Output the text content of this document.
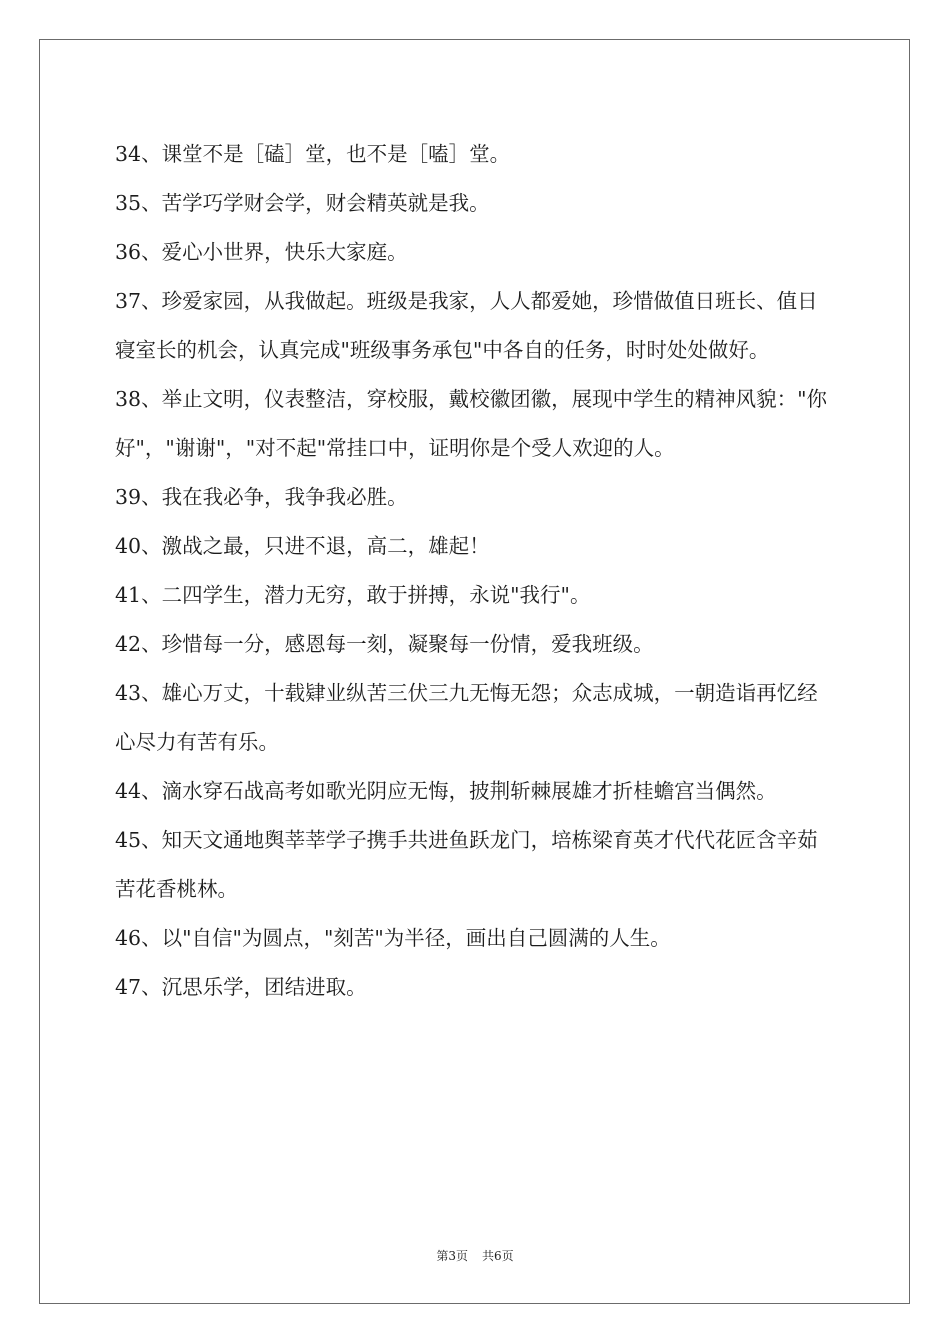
34、课堂不是［磕］堂，也不是［嗑］堂。

35、苦学巧学财会学，财会精英就是我。

36、爱心小世界，快乐大家庭。

37、珍爱家园，从我做起。班级是我家，人人都爱她，珍惜做值日班长、值日寝室长的机会，认真完成"班级事务承包"中各自的任务，时时处处做好。

38、举止文明，仪表整洁，穿校服，戴校徽团徽，展现中学生的精神风貌："你好"，"谢谢"，"对不起"常挂口中，证明你是个受人欢迎的人。

39、我在我必争，我争我必胜。

40、激战之最，只进不退，高二，雄起！

41、二四学生，潜力无穷，敢于拼搏，永说"我行"。

42、珍惜每一分，感恩每一刻，凝聚每一份情，爱我班级。

43、雄心万丈，十载肄业纵苦三伏三九无悔无怨；众志成城，一朝造诣再忆经心尽力有苦有乐。

44、滴水穿石战高考如歌光阴应无悔，披荆斩棘展雄才折桂蟾宫当偶然。

45、知天文通地舆莘莘学子携手共进鱼跃龙门，培栋梁育英才代代花匠含辛茹苦花香桃林。

46、以"自信"为圆点，"刻苦"为半径，画出自己圆满的人生。

47、沉思乐学，团结进取。

第3页 共6页
